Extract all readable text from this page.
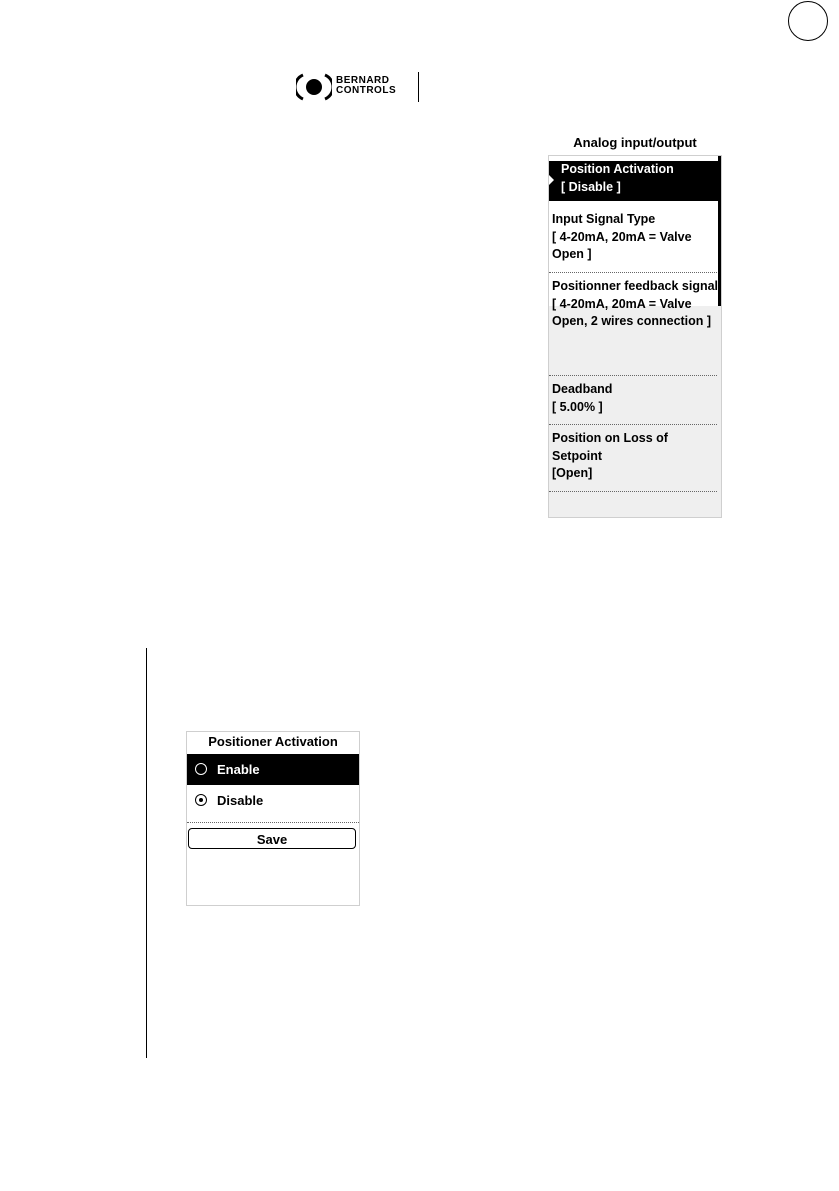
BERNARD
CONTROLS
Analog input/output
Position Activation
[ Disable ]
Input Signal Type
[ 4-20mA, 20mA = Valve Open ]
Positionner feedback signal
[ 4-20mA, 20mA = Valve Open, 2 wires connection ]
Deadband
[ 5.00% ]
Position on Loss of Setpoint
[Open]
Positioner Activation
Enable
Disable
Save
